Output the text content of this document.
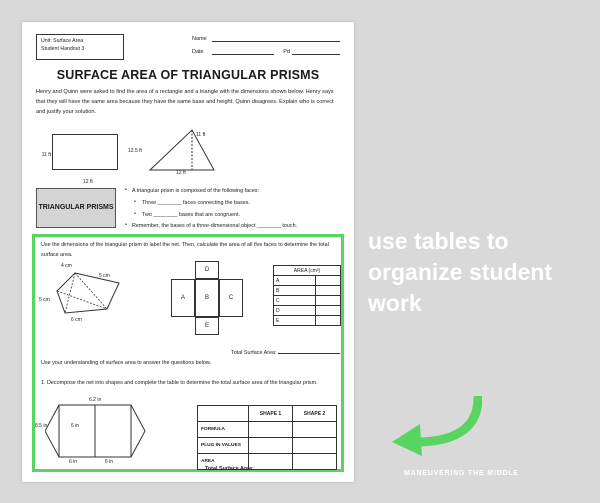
Unit: Surface Area
Student Handout 3
Name
Date	Pd
SURFACE AREA OF TRIANGULAR PRISMS
Henry and Quinn were asked to find the area of a rectangle and a triangle with the dimensions shown below. Henry says that they will have the same area because they have the same base and height. Quinn disagrees. Explain who is correct and justify your solution.
11 ft
12 ft
12.5 ft
11 ft
12 ft
TRIANGULAR PRISMS
• A triangular prism is composed of the following faces:
• Three ________ faces connecting the bases.
• Two ________ bases that are congruent.
• Remember, the bases of a three-dimensional object ________ touch.
Use the dimensions of the triangular prism to label the net. Then, calculate the area of all five faces to determine the total surface area.
4 cm
5 cm
5 cm
6 cm
D
A	B	C
E
AREA (cm²)	
A	
B	
C	
D	
E	
Total Surface Area:
Use your understanding of surface area to answer the questions below.
1. Decompose the net into shapes and complete the table to determine the total surface area of the triangular prism.
6.2 in
6 in
8.5 in
6 in	6 in
	SHAPE 1	SHAPE 2
FORMULA		
PLUG IN VALUES		
AREA		
Total Surface Area:
use tables to organize student work
MANEUVERING THE MIDDLE
